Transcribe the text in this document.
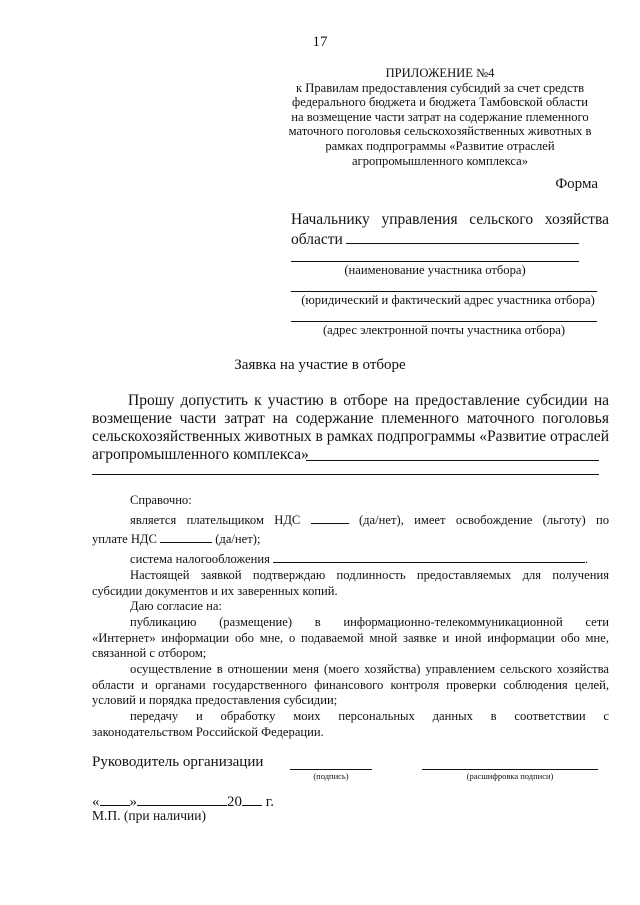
17
ПРИЛОЖЕНИЕ №4
к Правилам предоставления субсидий за счет средств
федерального бюджета и бюджета Тамбовской области
на возмещение части затрат на содержание племенного
маточного поголовья сельскохозяйственных животных в
рамках подпрограммы «Развитие отраслей
агропромышленного комплекса»
Форма
Начальнику управления сельского хозяйства
области
(наименование участника отбора)
(юридический и фактический адрес участника отбора)
(адрес электронной почты участника отбора)
Заявка на участие в отборе
Прошу допустить к участию в отборе на предоставление субсидии на возмещение части затрат на содержание племенного маточного поголовья сельскохозяйственных животных в рамках подпрограммы «Развитие отраслей агропромышленного комплекса»

Справочно:

является плательщиком НДС	(да/нет), имеет освобождение (льготу) по

уплате НДС	(да/нет);

система налогообложения	.

Настоящей заявкой подтверждаю подлинность предоставляемых для получения субсидии документов и их заверенных копий.

Даю согласие на:

публикацию (размещение) в информационно-телекоммуникационной сети

«Интернет» информации обо мне, о подаваемой мной заявке и иной информации обо мне, связанной с отбором;

осуществление в отношении меня (моего хозяйства) управлением сельского хозяйства области и органами государственного финансового контроля проверки соблюдения целей, условий и порядка предоставления субсидии;

передачу и обработку моих персональных данных в соответствии с

законодательством Российской Федерации.

Руководитель организации
(подпись)	(расшифровка подписи)
« »	20 г.
М.П. (при наличии)
